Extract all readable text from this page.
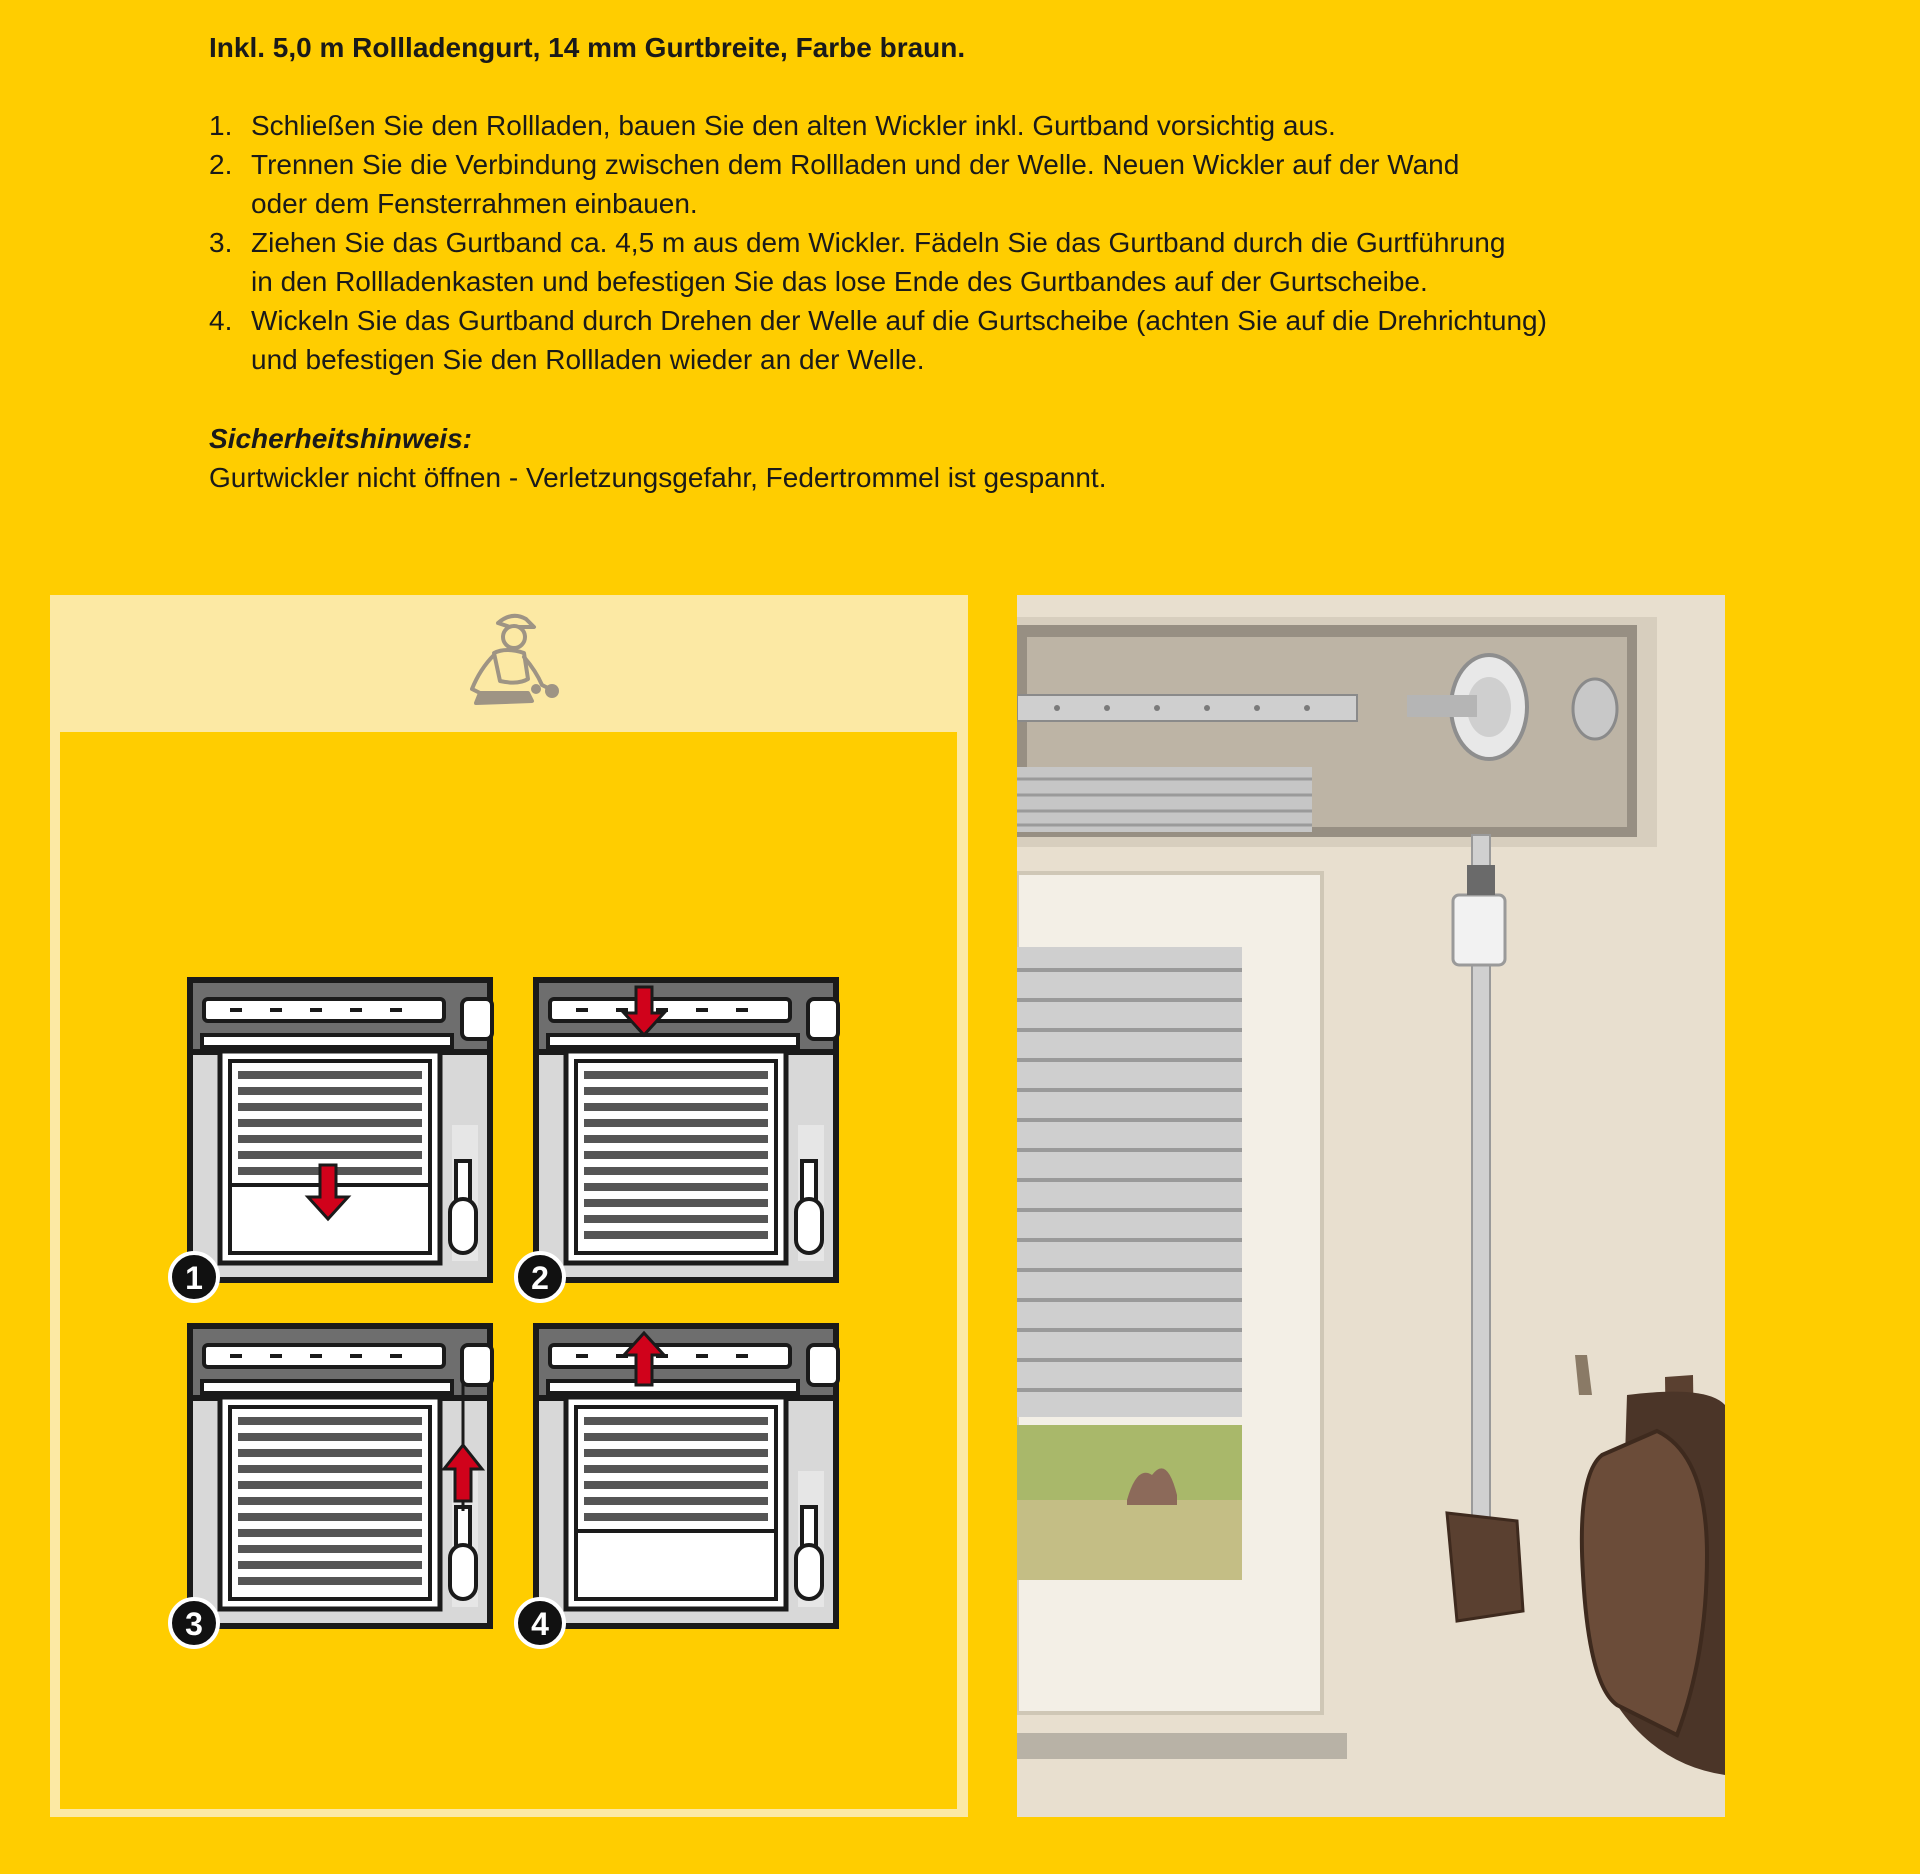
Inkl. 5,0 m Rollladengurt, 14 mm Gurtbreite, Farbe braun.
1. Schließen Sie den Rollladen, bauen Sie den alten Wickler inkl. Gurtband vorsichtig aus.
2. Trennen Sie die Verbindung zwischen dem Rollladen und der Welle. Neuen Wickler auf der Wand
oder dem Fensterrahmen einbauen.
3. Ziehen Sie das Gurtband ca. 4,5 m aus dem Wickler. Fädeln Sie das Gurtband durch die Gurtführung
in den Rollladenkasten und befestigen Sie das lose Ende des Gurtbandes auf der Gurtscheibe.
4. Wickeln Sie das Gurtband durch Drehen der Welle auf die Gurtscheibe (achten Sie auf die Drehrichtung)
und befestigen Sie den Rollladen wieder an der Welle.
Sicherheitshinweis:
Gurtwickler nicht öffnen - Verletzungsgefahr, Federtrommel ist gespannt.
1	2
3	4
